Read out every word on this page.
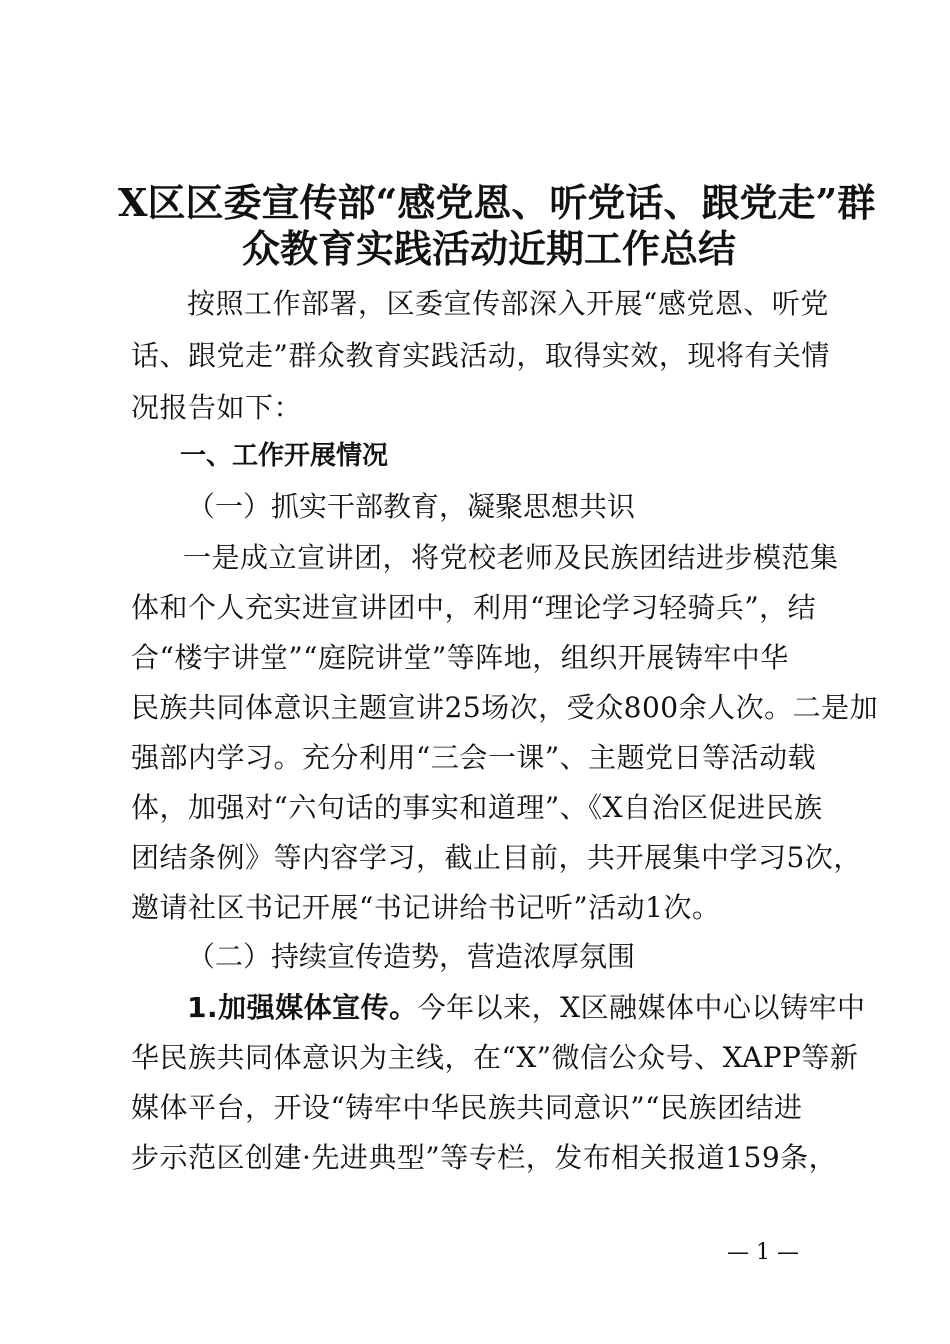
X区区委宣传部“感党恩、听党话、跟党走”群
众教育实践活动近期工作总结
按照工作部署，区委宣传部深入开展“感党恩、听党
话、跟党走”群众教育实践活动，取得实效，现将有关情
况报告如下：
一、工作开展情况
（一）抓实干部教育，凝聚思想共识
一是成立宣讲团，将党校老师及民族团结进步模范集
体和个人充实进宣讲团中，利用“理论学习轻骑兵”，结
合“楼宇讲堂”“庭院讲堂”等阵地，组织开展铸牢中华
民族共同体意识主题宣讲25场次，受众800余人次。二是加
强部内学习。充分利用“三会一课”、主题党日等活动载
体，加强对“六句话的事实和道理”、《X自治区促进民族
团结条例》等内容学习，截止目前，共开展集中学习5次，
邀请社区书记开展“书记讲给书记听”活动1次。
（二）持续宣传造势，营造浓厚氛围
1.加强媒体宣传。今年以来，X区融媒体中心以铸牢中
华民族共同体意识为主线，在“X”微信公众号、XAPP等新
媒体平台，开设“铸牢中华民族共同意识”“民族团结进
步示范区创建·先进典型”等专栏，发布相关报道159条，
— 1 —
